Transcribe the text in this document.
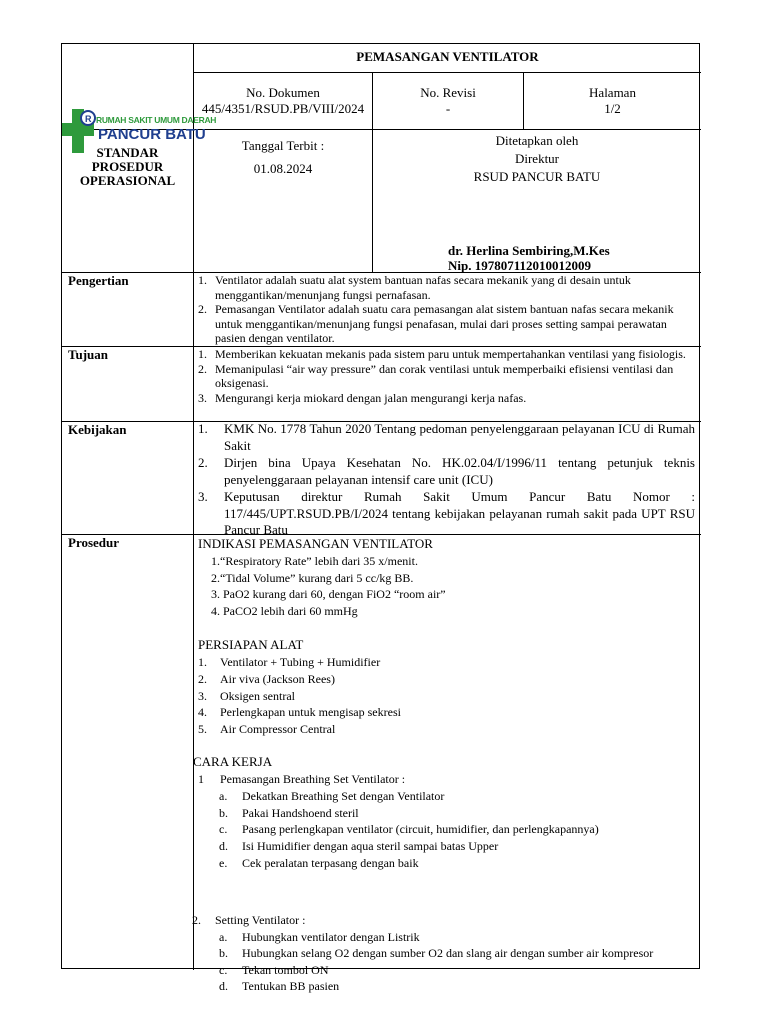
R RUMAH SAKIT UMUM DAERAH
PANCUR BATU
PEMASANGAN VENTILATOR
No. Dokumen
445/4351/RSUD.PB/VIII/2024
No. Revisi
-
Halaman
1/2
STANDAR
PROSEDUR
OPERASIONAL
Tanggal Terbit :
01.08.2024
Ditetapkan oleh
Direktur
RSUD PANCUR BATU
dr. Herlina Sembiring,M.Kes
Nip. 197807112010012009
Pengertian	1. Ventilator adalah suatu alat system bantuan nafas secara mekanik yang di desain untuk menggantikan/menunjang fungsi pernafasan.
2. Pemasangan Ventilator adalah suatu cara pemasangan alat sistem bantuan nafas secara mekanik untuk menggantikan/menunjang fungsi penafasan, mulai dari proses setting sampai perawatan pasien dengan ventilator.
Tujuan	1. Memberikan kekuatan mekanis pada sistem paru untuk mempertahankan ventilasi yang fisiologis.
2. Memanipulasi “air way pressure” dan corak ventilasi untuk memperbaiki efisiensi ventilasi dan oksigenasi.
3. Mengurangi kerja miokard dengan jalan mengurangi kerja nafas.
Kebijakan	1. KMK No. 1778 Tahun 2020 Tentang pedoman penyelenggaraan pelayanan ICU di Rumah Sakit
2. Dirjen bina Upaya Kesehatan No. HK.02.04/I/1996/11 tentang petunjuk teknis penyelenggaraan pelayanan intensif care unit (ICU)
3. Keputusan direktur Rumah Sakit Umum Pancur Batu Nomor : 117/445/UPT.RSUD.PB/I/2024 tentang kebijakan pelayanan rumah sakit pada UPT RSU Pancur Batu
Prosedur	INDIKASI PEMASANGAN VENTILATOR
1.“Respiratory Rate” lebih dari 35 x/menit.
2.“Tidal Volume” kurang dari 5 cc/kg BB.
3. PaO2 kurang dari 60, dengan FiO2 “room air”
4. PaCO2 lebih dari 60 mmHg
PERSIAPAN ALAT
1. Ventilator + Tubing + Humidifier
2. Air viva (Jackson Rees)
3. Oksigen sentral
4. Perlengkapan untuk mengisap sekresi
5. Air Compressor Central
CARA KERJA
1 Pemasangan Breathing Set Ventilator :
a. Dekatkan Breathing Set dengan Ventilator
b. Pakai Handshoend steril
c. Pasang perlengkapan ventilator (circuit, humidifier, dan perlengkapannya)
d. Isi Humidifier dengan aqua steril sampai batas Upper
e. Cek peralatan terpasang dengan baik
2. Setting Ventilator :
a. Hubungkan ventilator dengan Listrik
b. Hubungkan selang O2 dengan sumber O2 dan slang air dengan sumber air kompresor
c. Tekan tombol ON
d. Tentukan BB pasien
